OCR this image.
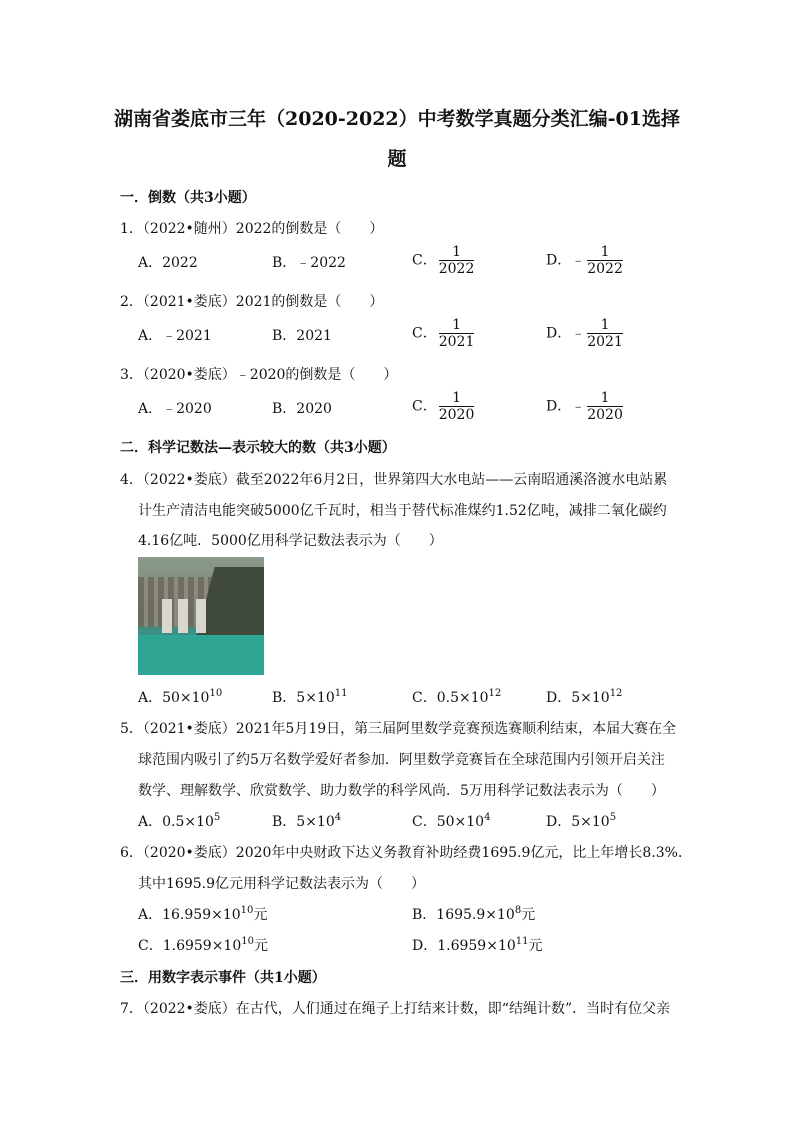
湖南省娄底市三年（2020-2022）中考数学真题分类汇编-01选择
题
一．倒数（共3小题）
1．（2022•随州）2022的倒数是（　　）
A．2022	B．﹣2022	C． $\frac{1}{2022}$	D．﹣ $\frac{1}{2022}$
2．（2021•娄底）2021的倒数是（　　）
A．﹣2021	B．2021	C． $\frac{1}{2021}$	D．﹣ $\frac{1}{2021}$
3．（2020•娄底）﹣2020的倒数是（　　）
A．﹣2020	B．2020	C． $\frac{1}{2020}$	D．﹣ $\frac{1}{2020}$
二．科学记数法—表示较大的数（共3小题）
4．（2022•娄底）截至2022年6月2日，世界第四大水电站——云南昭通溪洛渡水电站累
计生产清洁电能突破5000亿千瓦时，相当于替代标准煤约1.52亿吨，减排二氧化碳约
4.16亿吨．5000亿用科学记数法表示为（　　）
A．$50\times 10^{10}$	B．$5\times 10^{11}$	C．$0.5\times 10^{12}$	D．$5\times 10^{12}$
5．（2021•娄底）2021年5月19日，第三届阿里数学竞赛预选赛顺利结束，本届大赛在全
球范围内吸引了约5万名数学爱好者参加．阿里数学竞赛旨在全球范围内引领开启关注
数学、理解数学、欣赏数学、助力数学的科学风尚．5万用科学记数法表示为（　　）
A．$0.5\times 10^5$	B．$5\times 10^4$	C．$50\times 10^4$	D．$5\times 10^5$
6．（2020•娄底）2020年中央财政下达义务教育补助经费1695.9亿元，比上年增长8.3%．
其中1695.9亿元用科学记数法表示为（　　）
A．$16.959\times 10^{10}$元	B．$1695.9\times 10^8$元
C．$1.6959\times 10^{10}$元	D．$1.6959\times 10^{11}$元
三．用数字表示事件（共1小题）
7．（2022•娄底）在古代，人们通过在绳子上打结来计数，即“结绳计数”．当时有位父亲
